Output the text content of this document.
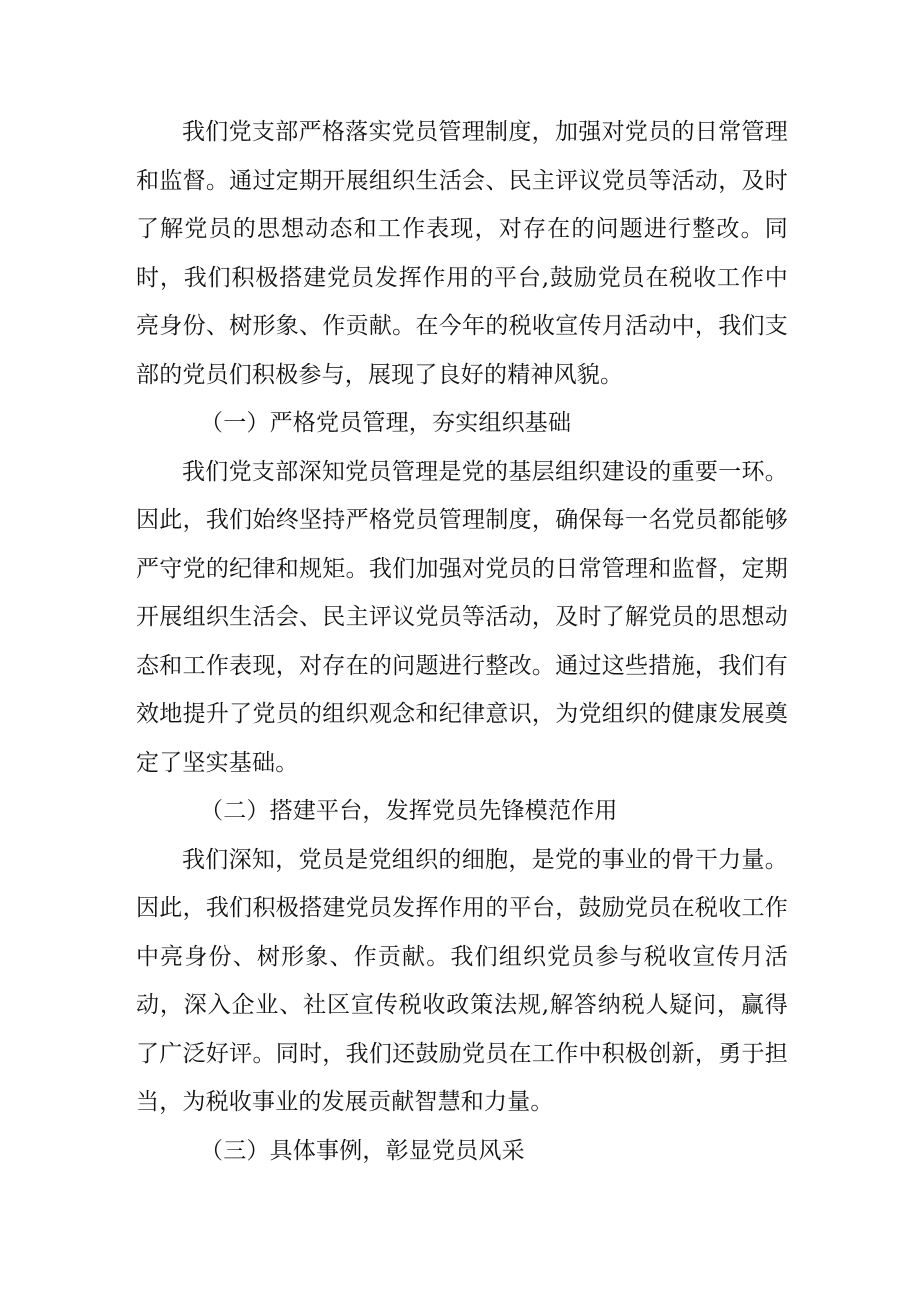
我们党支部严格落实党员管理制度，加强对党员的日常管理和监督。通过定期开展组织生活会、民主评议党员等活动，及时了解党员的思想动态和工作表现，对存在的问题进行整改。同时，我们积极搭建党员发挥作用的平台,鼓励党员在税收工作中亮身份、树形象、作贡献。在今年的税收宣传月活动中，我们支部的党员们积极参与，展现了良好的精神风貌。

（一）严格党员管理，夯实组织基础

我们党支部深知党员管理是党的基层组织建设的重要一环。因此，我们始终坚持严格党员管理制度，确保每一名党员都能够严守党的纪律和规矩。我们加强对党员的日常管理和监督，定期开展组织生活会、民主评议党员等活动，及时了解党员的思想动态和工作表现，对存在的问题进行整改。通过这些措施，我们有效地提升了党员的组织观念和纪律意识，为党组织的健康发展奠定了坚实基础。

（二）搭建平台，发挥党员先锋模范作用

我们深知，党员是党组织的细胞，是党的事业的骨干力量。因此，我们积极搭建党员发挥作用的平台，鼓励党员在税收工作中亮身份、树形象、作贡献。我们组织党员参与税收宣传月活动，深入企业、社区宣传税收政策法规,解答纳税人疑问，赢得了广泛好评。同时，我们还鼓励党员在工作中积极创新，勇于担当，为税收事业的发展贡献智慧和力量。

（三）具体事例，彰显党员风采
